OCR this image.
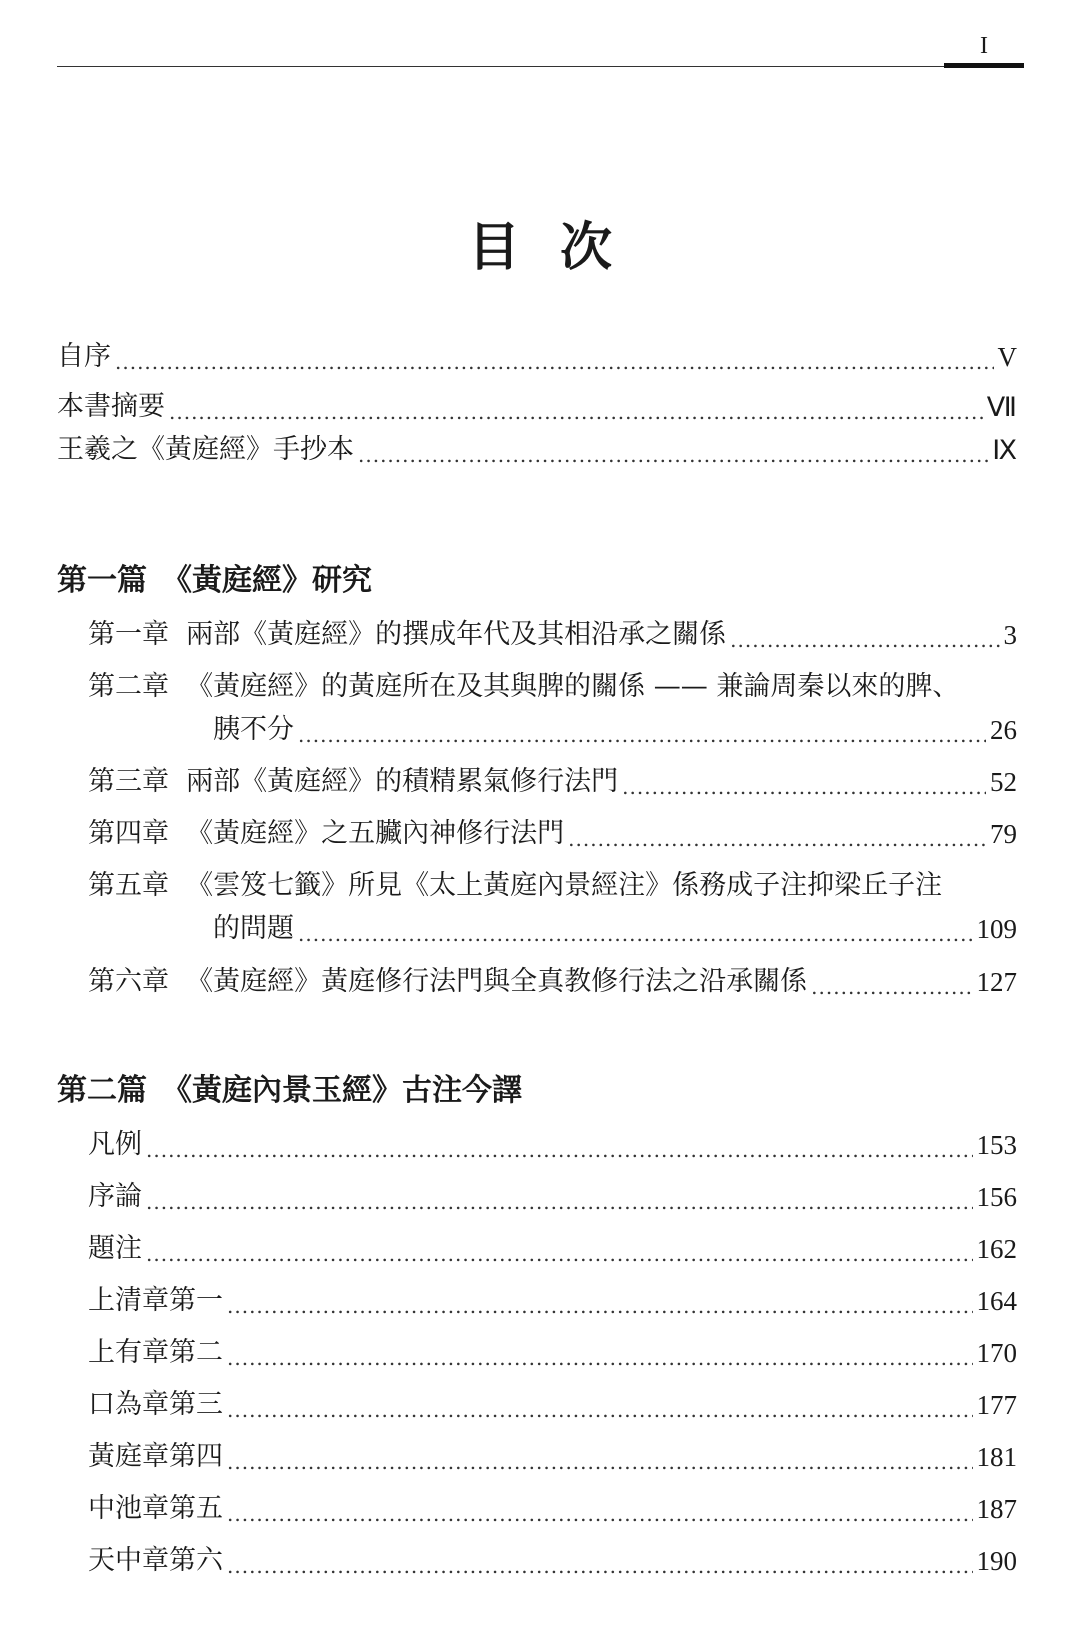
I
目 次
自序 .....	V
本書摘要 .....	Ⅶ
王羲之《黃庭經》手抄本 .....	Ⅸ
第一篇　《黃庭經》研究
第一章  兩部《黃庭經》的撰成年代及其相沿承之關係 .....	3
第二章  《黃庭經》的黃庭所在及其與脾的關係 —— 兼論周秦以來的脾、
胰不分 .....	26
第三章  兩部《黃庭經》的積精累氣修行法門 .....	52
第四章  《黃庭經》之五臟內神修行法門 .....	79
第五章  《雲笈七籤》所見《太上黃庭內景經注》係務成子注抑梁丘子注
的問題 .....	109
第六章  《黃庭經》黃庭修行法門與全真教修行法之沿承關係 .....	127
第二篇　《黃庭內景玉經》古注今譯
凡例 .....	153
序論 .....	156
題注 .....	162
上清章第一 .....	164
上有章第二 .....	170
口為章第三 .....	177
黃庭章第四 .....	181
中池章第五 .....	187
天中章第六 .....	190
